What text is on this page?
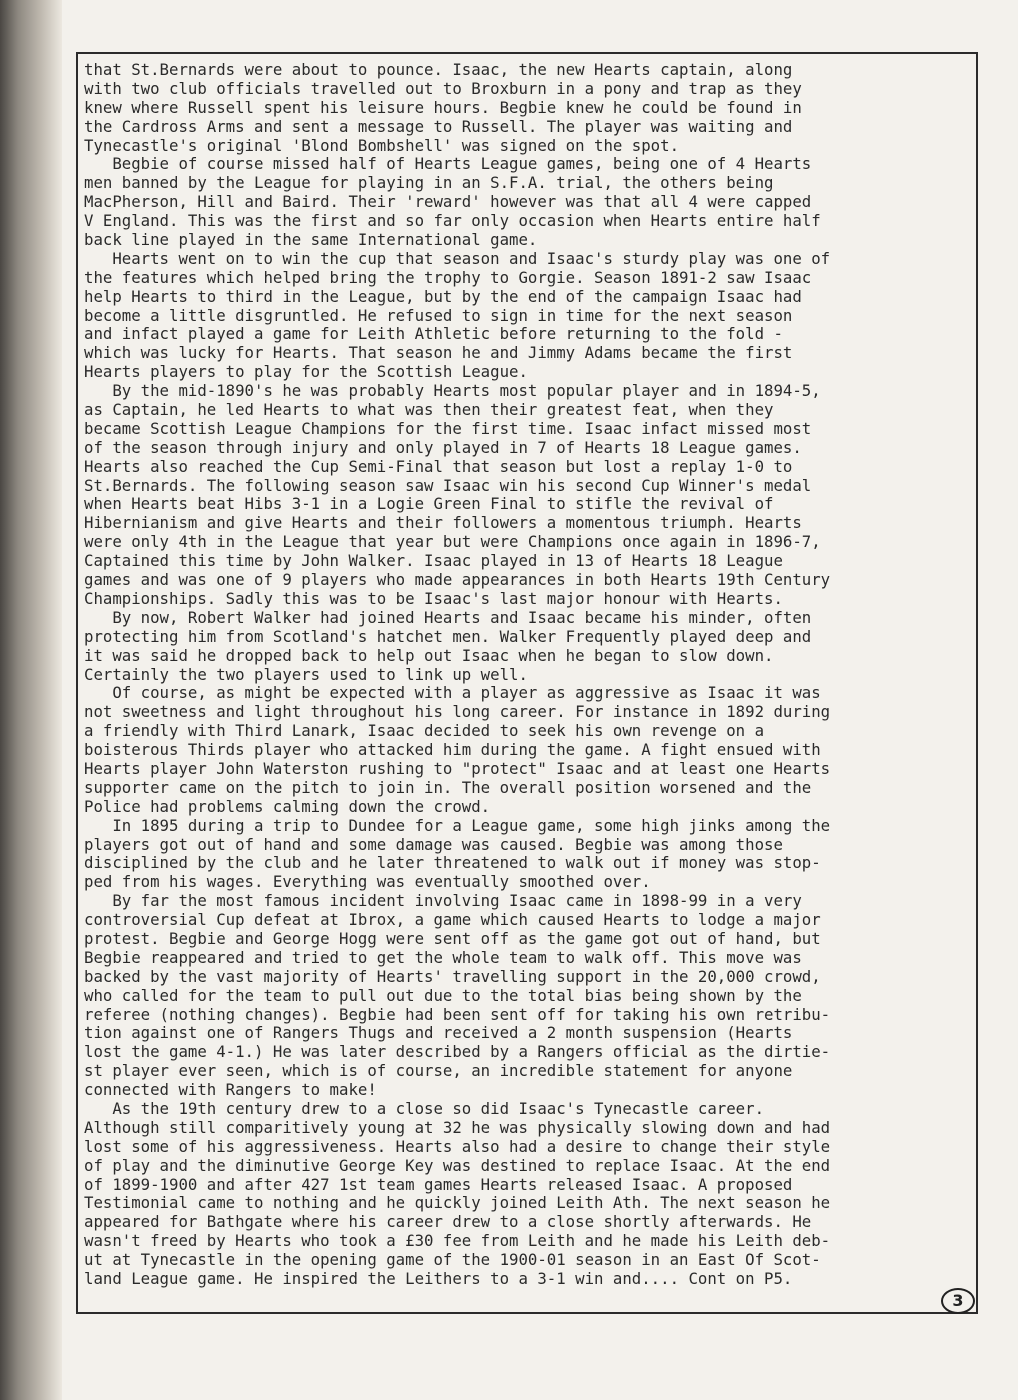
that St.Bernards were about to pounce. Isaac, the new Hearts captain, along
with two club officials travelled out to Broxburn in a pony and trap as they
knew where Russell spent his leisure hours. Begbie knew he could be found in
the Cardross Arms and sent a message to Russell. The player was waiting and
Tynecastle's original 'Blond Bombshell' was signed on the spot.
Begbie of course missed half of Hearts League games, being one of 4 Hearts
men banned by the League for playing in an S.F.A. trial, the others being
MacPherson, Hill and Baird. Their 'reward' however was that all 4 were capped
V England. This was the first and so far only occasion when Hearts entire half
back line played in the same International game.
Hearts went on to win the cup that season and Isaac's sturdy play was one of
the features which helped bring the trophy to Gorgie. Season 1891-2 saw Isaac
help Hearts to third in the League, but by the end of the campaign Isaac had
become a little disgruntled. He refused to sign in time for the next season
and infact played a game for Leith Athletic before returning to the fold -
which was lucky for Hearts. That season he and Jimmy Adams became the first
Hearts players to play for the Scottish League.
By the mid-1890's he was probably Hearts most popular player and in 1894-5,
as Captain, he led Hearts to what was then their greatest feat, when they
became Scottish League Champions for the first time. Isaac infact missed most
of the season through injury and only played in 7 of Hearts 18 League games.
Hearts also reached the Cup Semi-Final that season but lost a replay 1-0 to
St.Bernards. The following season saw Isaac win his second Cup Winner's medal
when Hearts beat Hibs 3-1 in a Logie Green Final to stifle the revival of
Hibernianism and give Hearts and their followers a momentous triumph. Hearts
were only 4th in the League that year but were Champions once again in 1896-7,
Captained this time by John Walker. Isaac played in 13 of Hearts 18 League
games and was one of 9 players who made appearances in both Hearts 19th Century
Championships. Sadly this was to be Isaac's last major honour with Hearts.
By now, Robert Walker had joined Hearts and Isaac became his minder, often
protecting him from Scotland's hatchet men. Walker Frequently played deep and
it was said he dropped back to help out Isaac when he began to slow down.
Certainly the two players used to link up well.
Of course, as might be expected with a player as aggressive as Isaac it was
not sweetness and light throughout his long career. For instance in 1892 during
a friendly with Third Lanark, Isaac decided to seek his own revenge on a
boisterous Thirds player who attacked him during the game. A fight ensued with
Hearts player John Waterston rushing to "protect" Isaac and at least one Hearts
supporter came on the pitch to join in. The overall position worsened and the
Police had problems calming down the crowd.
In 1895 during a trip to Dundee for a League game, some high jinks among the
players got out of hand and some damage was caused. Begbie was among those
disciplined by the club and he later threatened to walk out if money was stop-
ped from his wages. Everything was eventually smoothed over.
By far the most famous incident involving Isaac came in 1898-99 in a very
controversial Cup defeat at Ibrox, a game which caused Hearts to lodge a major
protest. Begbie and George Hogg were sent off as the game got out of hand, but
Begbie reappeared and tried to get the whole team to walk off. This move was
backed by the vast majority of Hearts' travelling support in the 20,000 crowd,
who called for the team to pull out due to the total bias being shown by the
referee (nothing changes). Begbie had been sent off for taking his own retribu-
tion against one of Rangers Thugs and received a 2 month suspension (Hearts
lost the game 4-1.) He was later described by a Rangers official as the dirtie-
st player ever seen, which is of course, an incredible statement for anyone
connected with Rangers to make!
As the 19th century drew to a close so did Isaac's Tynecastle career.
Although still comparitively young at 32 he was physically slowing down and had
lost some of his aggressiveness. Hearts also had a desire to change their style
of play and the diminutive George Key was destined to replace Isaac. At the end
of 1899-1900 and after 427 1st team games Hearts released Isaac. A proposed
Testimonial came to nothing and he quickly joined Leith Ath. The next season he
appeared for Bathgate where his career drew to a close shortly afterwards. He
wasn't freed by Hearts who took a £30 fee from Leith and he made his Leith deb-
ut at Tynecastle in the opening game of the 1900-01 season in an East Of Scot-
land League game. He inspired the Leithers to a 3-1 win and.... Cont on P5.
3
